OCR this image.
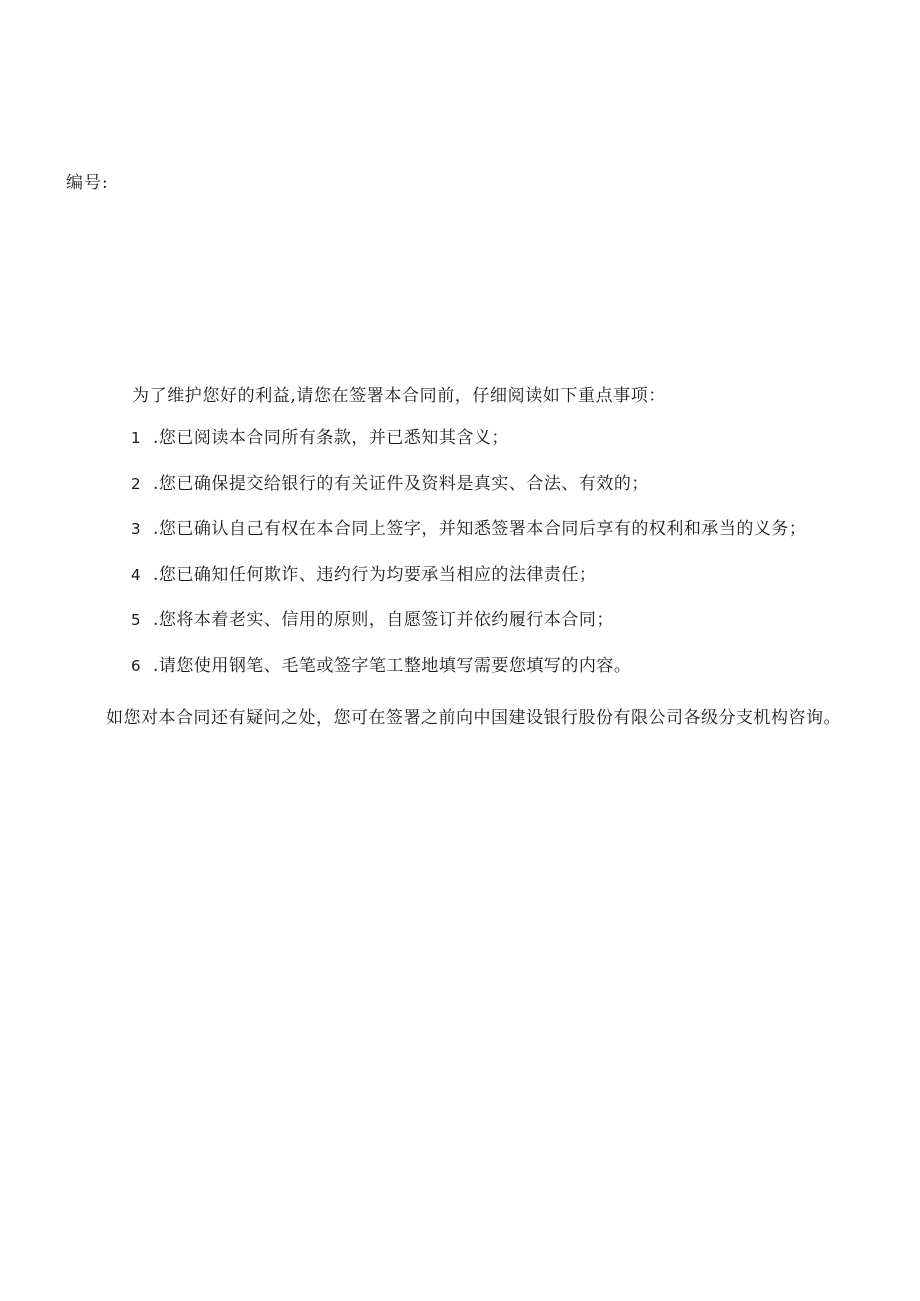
编号:
为了维护您好的利益,请您在签署本合同前，仔细阅读如下重点事项：
1 .您已阅读本合同所有条款，并已悉知其含义；
2 .您已确保提交给银行的有关证件及资料是真实、合法、有效的；
3 .您已确认自己有权在本合同上签字，并知悉签署本合同后享有的权利和承当的义务；
4 .您已确知任何欺诈、违约行为均要承当相应的法律责任；
5 .您将本着老实、信用的原则，自愿签订并依约履行本合同；
6 .请您使用钢笔、毛笔或签字笔工整地填写需要您填写的内容。

如您对本合同还有疑问之处，您可在签署之前向中国建设银行股份有限公司各级分支机构咨询。
